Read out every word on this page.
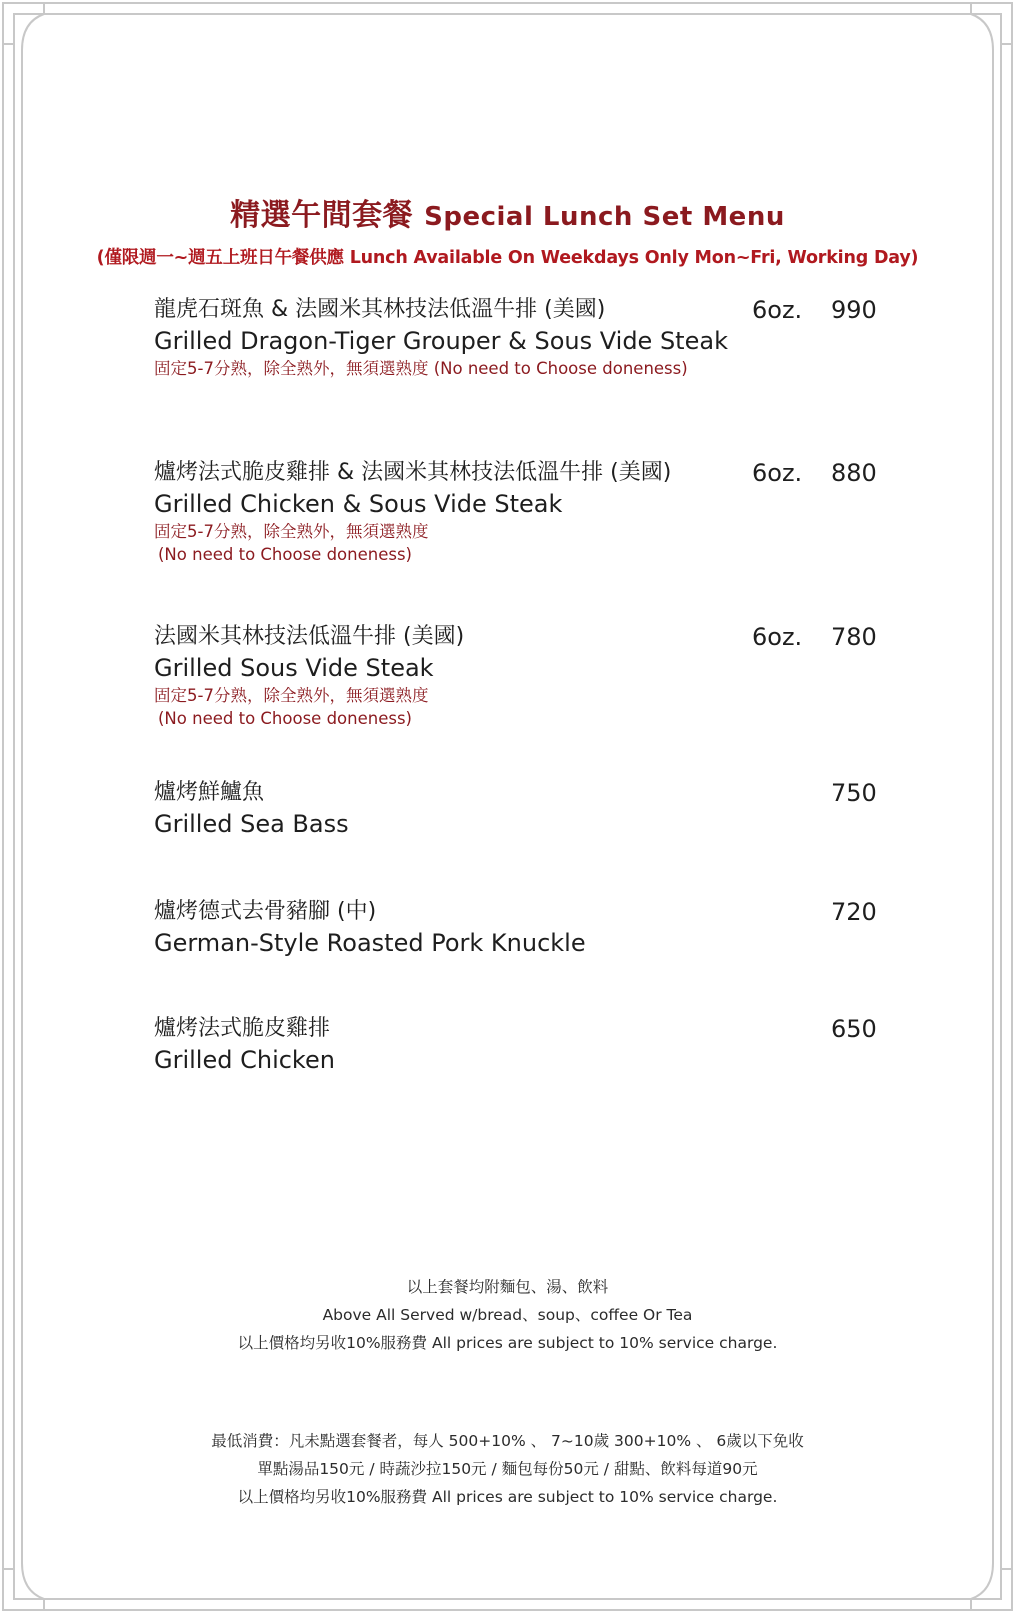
精選午間套餐 Special Lunch Set Menu
(僅限週一~週五上班日午餐供應 Lunch Available On Weekdays Only Mon~Fri, Working Day)
龍虎石斑魚 & 法國米其林技法低溫牛排 (美國)
Grilled Dragon-Tiger Grouper & Sous Vide Steak
固定5-7分熟，除全熟外，無須選熟度 (No need to Choose doneness)
6oz. 990
爐烤法式脆皮雞排 & 法國米其林技法低溫牛排 (美國)
Grilled Chicken & Sous Vide Steak
固定5-7分熟，除全熟外，無須選熟度
(No need to Choose doneness)
6oz. 880
法國米其林技法低溫牛排 (美國)
Grilled Sous Vide Steak
固定5-7分熟，除全熟外，無須選熟度
(No need to Choose doneness)
6oz. 780
爐烤鮮鱸魚
Grilled Sea Bass
750
爐烤德式去骨豬腳 (中)
German-Style Roasted Pork Knuckle
720
爐烤法式脆皮雞排
Grilled Chicken
650
以上套餐均附麵包、湯、飲料
Above All Served w/bread、soup、coffee Or Tea
以上價格均另收10%服務費 All prices are subject to 10% service charge.
最低消費：凡未點選套餐者，每人 500+10% 、 7~10歲 300+10% 、 6歲以下免收
單點湯品150元 / 時蔬沙拉150元 / 麵包每份50元 / 甜點、飲料每道90元
以上價格均另收10%服務費 All prices are subject to 10% service charge.
